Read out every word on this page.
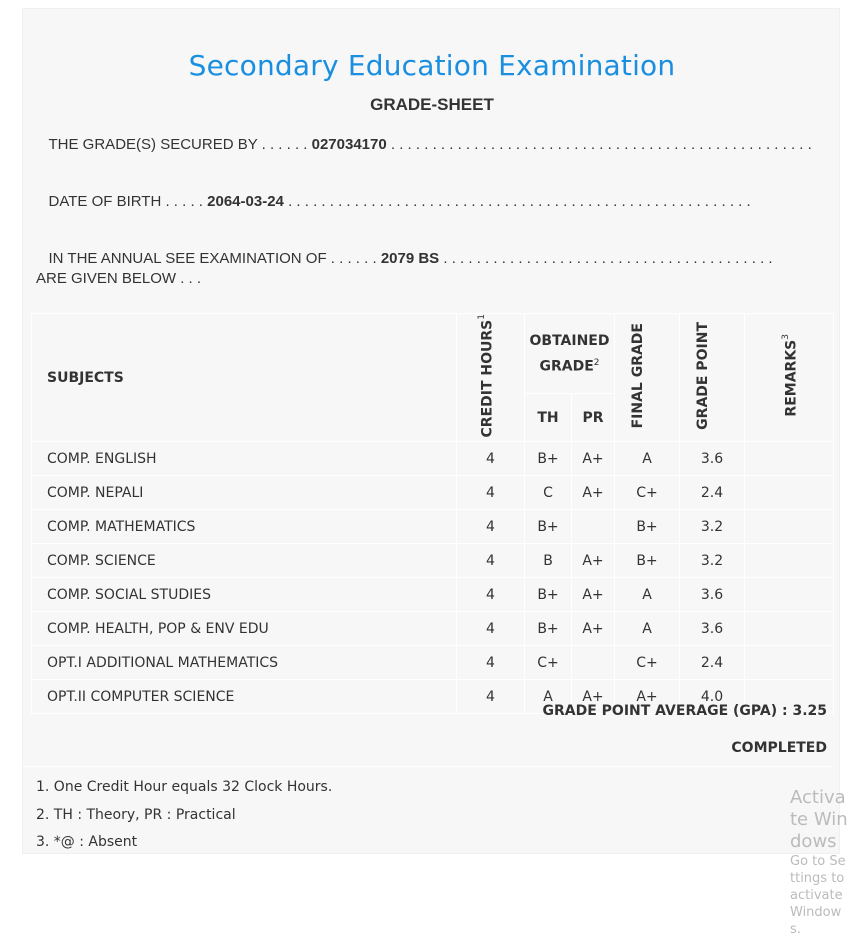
Secondary Education Examination
GRADE-SHEET
THE GRADE(S) SECURED BY . . . . . . 027034170 . . . . . . . . . . . . . . . . . . . . . . . . . . . . . . . . . . . . . . . . . . . . . . . . . . .
DATE OF BIRTH . . . . . 2064-03-24 . . . . . . . . . . . . . . . . . . . . . . . . . . . . . . . . . . . . . . . . . . . . . . . . . . . . . . . .
IN THE ANNUAL SEE EXAMINATION OF . . . . . . 2079 BS . . . . . . . . . . . . . . . . . . . . . . . . . . . . . . . . . . . . . . . .
ARE GIVEN BELOW . . .
SUBJECTS	CREDIT HOURS$^1$	OBTAINED GRADE$^2$		FINAL GRADE	GRADE POINT	REMARKS$^3$
		TH	PR			
COMP. ENGLISH	4	B+	A+	A	3.6	
COMP. NEPALI	4	C	A+	C+	2.4	
COMP. MATHEMATICS	4	B+		B+	3.2	
COMP. SCIENCE	4	B	A+	B+	3.2	
COMP. SOCIAL STUDIES	4	B+	A+	A	3.6	
COMP. HEALTH, POP & ENV EDU	4	B+	A+	A	3.6	
OPT.I ADDITIONAL MATHEMATICS	4	C+		C+	2.4	
OPT.II COMPUTER SCIENCE	4	A	A+	A+	4.0	
GRADE POINT AVERAGE (GPA) : 3.25
COMPLETED
1. One Credit Hour equals 32 Clock Hours.
2. TH : Theory, PR : Practical
3. *@ : Absent
Activate Windows
Go to Settings to activate Windows.
